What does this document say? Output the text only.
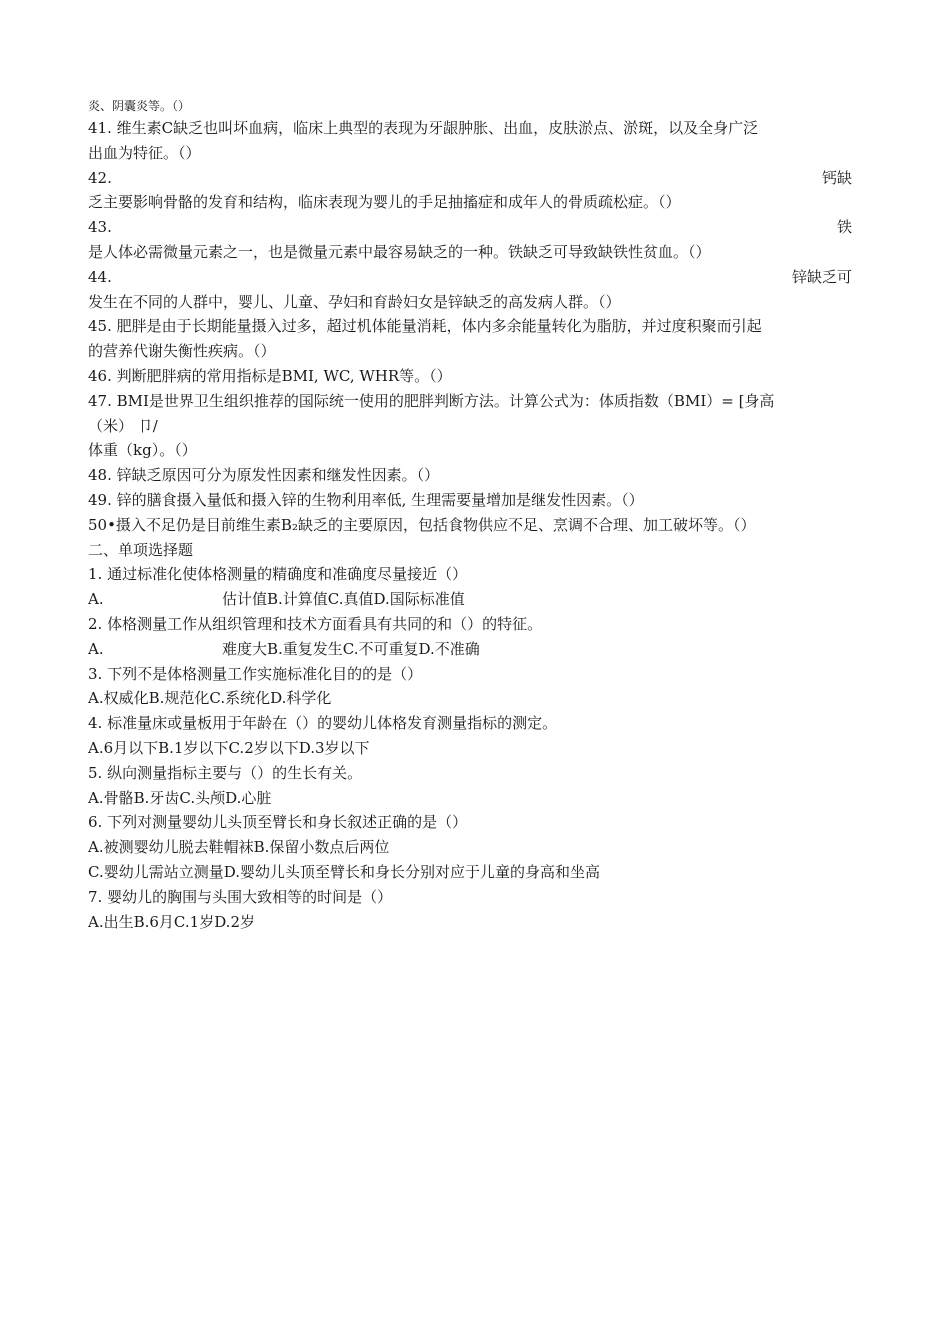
炎、阴囊炎等。（）
41. 维生素C缺乏也叫坏血病，临床上典型的表现为牙龈肿胀、出血，皮肤淤点、淤斑，以及全身广泛
出血为特征。（）
42.	钙缺
乏主要影响骨骼的发育和结构，临床表现为婴儿的手足抽搐症和成年人的骨质疏松症。（）
43.	铁
是人体必需微量元素之一，也是微量元素中最容易缺乏的一种。铁缺乏可导致缺铁性贫血。（）
44.	锌缺乏可
发生在不同的人群中，婴儿、儿童、孕妇和育龄妇女是锌缺乏的高发病人群。（）
45. 肥胖是由于长期能量摄入过多，超过机体能量消耗，体内多余能量转化为脂肪，并过度积聚而引起
的营养代谢失衡性疾病。（）
46. 判断肥胖病的常用指标是BMI, WC, WHR等。（）
47. BMI是世界卫生组织推荐的国际统一使用的肥胖判断方法。计算公式为：体质指数（BMI）= [身高
（米） 卩/
体重（kg）。（）
48. 锌缺乏原因可分为原发性因素和继发性因素。（）
49. 锌的膳食摄入量低和摄入锌的生物利用率低, 生理需要量增加是继发性因素。（）
50•摄入不足仍是目前维生素B₂缺乏的主要原因，包括食物供应不足、烹调不合理、加工破坏等。（）
二、单项选择题
1. 通过标准化使体格测量的精确度和准确度尽量接近（）
A.	估计值B.计算值C.真值D.国际标准值
2. 体格测量工作从组织管理和技术方面看具有共同的和（）的特征。
A.	难度大B.重复发生C.不可重复D.不准确
3. 下列不是体格测量工作实施标准化目的的是（）
A.权威化B.规范化C.系统化D.科学化
4. 标准量床或量板用于年龄在（）的婴幼儿体格发育测量指标的测定。
A.6月以下B.1岁以下C.2岁以下D.3岁以下
5. 纵向测量指标主要与（）的生长有关。
A.骨骼B.牙齿C.头颅D.心脏
6. 下列对测量婴幼儿头顶至臂长和身长叙述正确的是（）
A.被测婴幼儿脱去鞋帽袜B.保留小数点后两位
C.婴幼儿需站立测量D.婴幼儿头顶至臂长和身长分别对应于儿童的身高和坐高
7. 婴幼儿的胸围与头围大致相等的时间是（）
A.出生B.6月C.1岁D.2岁
